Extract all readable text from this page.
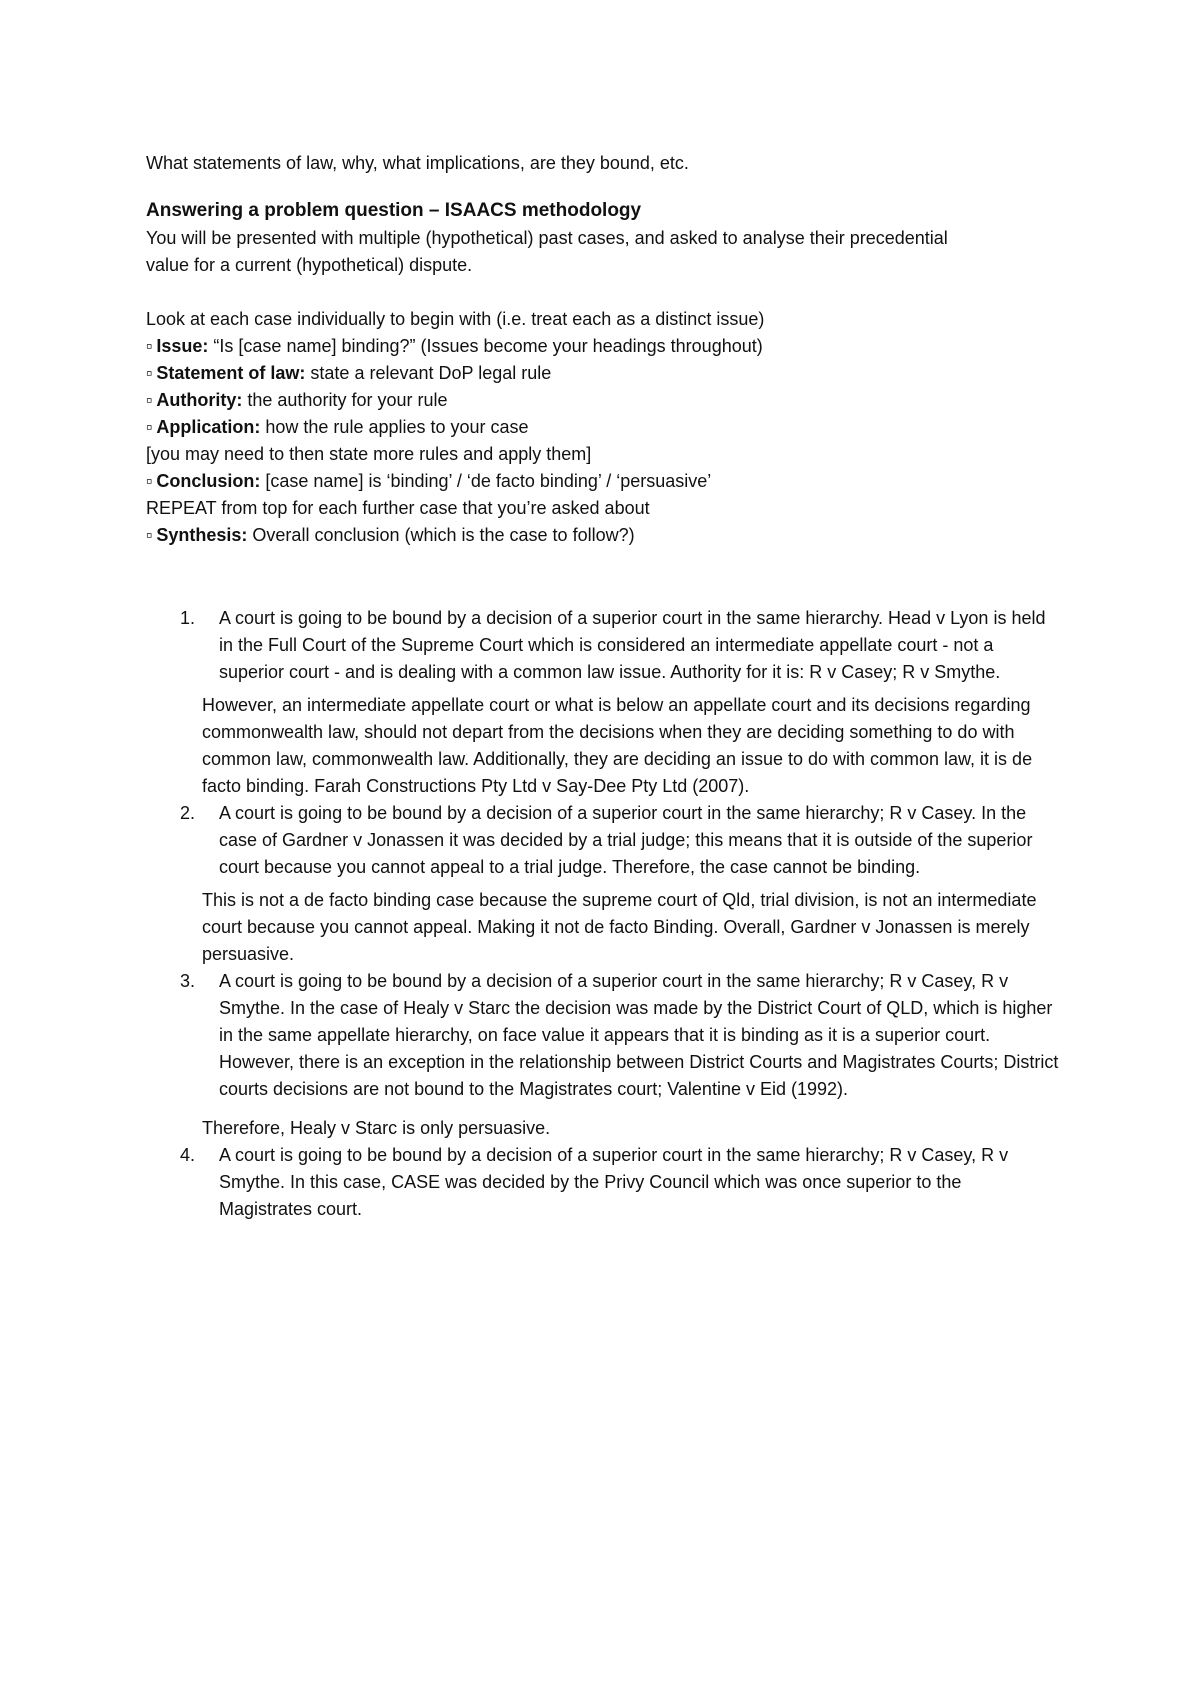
What statements of law, why, what implications, are they bound, etc.

Answering a problem question – ISAACS methodology

You will be presented with multiple (hypothetical) past cases, and asked to analyse their precedential value for a current (hypothetical) dispute.

Look at each case individually to begin with (i.e. treat each as a distinct issue)

▫ Issue: “Is [case name] binding?” (Issues become your headings throughout)

▫ Statement of law: state a relevant DoP legal rule

▫ Authority: the authority for your rule

▫ Application: how the rule applies to your case

[you may need to then state more rules and apply them]

▫ Conclusion: [case name] is ‘binding’ / ‘de facto binding’ / ‘persuasive’

REPEAT from top for each further case that you’re asked about

▫ Synthesis: Overall conclusion (which is the case to follow?)

1. A court is going to be bound by a decision of a superior court in the same hierarchy. Head v Lyon is held in the Full Court of the Supreme Court which is considered an intermediate appellate court - not a superior court - and is dealing with a common law issue. Authority for it is: R v Casey; R v Smythe.

However, an intermediate appellate court or what is below an appellate court and its decisions regarding commonwealth law, should not depart from the decisions when they are deciding something to do with common law, commonwealth law. Additionally, they are deciding an issue to do with common law, it is de facto binding. Farah Constructions Pty Ltd v Say-Dee Pty Ltd (2007).

2. A court is going to be bound by a decision of a superior court in the same hierarchy; R v Casey. In the case of Gardner v Jonassen it was decided by a trial judge; this means that it is outside of the superior court because you cannot appeal to a trial judge. Therefore, the case cannot be binding.

This is not a de facto binding case because the supreme court of Qld, trial division, is not an intermediate court because you cannot appeal. Making it not de facto Binding. Overall, Gardner v Jonassen is merely persuasive.

3. A court is going to be bound by a decision of a superior court in the same hierarchy; R v Casey, R v Smythe. In the case of Healy v Starc the decision was made by the District Court of QLD, which is higher in the same appellate hierarchy, on face value it appears that it is binding as it is a superior court. However, there is an exception in the relationship between District Courts and Magistrates Courts; District courts decisions are not bound to the Magistrates court; Valentine v Eid (1992).

Therefore, Healy v Starc is only persuasive.

4. A court is going to be bound by a decision of a superior court in the same hierarchy; R v Casey, R v Smythe. In this case, CASE was decided by the Privy Council which was once superior to the Magistrates court.
